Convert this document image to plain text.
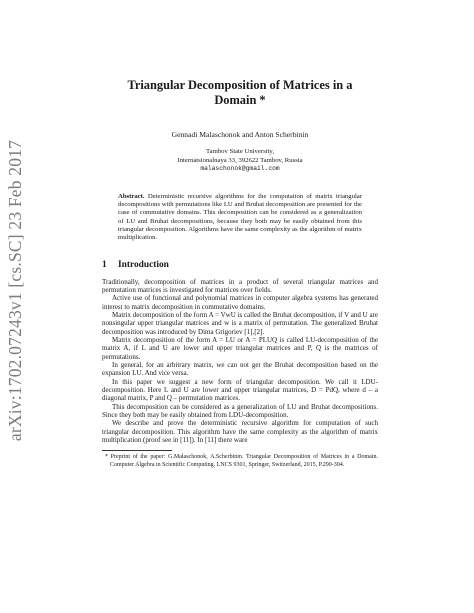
arXiv:1702.07243v1 [cs.SC] 23 Feb 2017
Triangular Decomposition of Matrices in a Domain *
Gennadi Malaschonok and Anton Scherbinin
Tambov State University,
Internatsionalnaya 33, 392622 Tambov, Russia
malaschonok@gmail.com
Abstract. Deterministic recursive algorithms for the computation of matrix triangular decompositions with permutations like LU and Bruhat decomposition are presented for the case of commutative domains. This decomposition can be considered as a generalization of LU and Bruhat decompositions, because they both may be easily obtained from this triangular decomposition. Algorithms have the same complexity as the algorithm of matrix multiplication.
1	Introduction

Traditionally, decomposition of matrices in a product of several triangular matrices and permutation matrices is investigated for matrices over fields.

Active use of functional and polynomial matrices in computer algebra systems has generated interest to matrix decomposition in commutative domains.

Matrix decomposition of the form A = VwU is called the Bruhat decomposition, if V and U are nonsingular upper triangular matrices and w is a matrix of permutation. The generalized Bruhat decomposition was introduced by Dima Grigoriev [1],[2].

Matrix decomposition of the form A = LU or A = PLUQ is called LU-decomposition of the matrix A, if L and U are lower and upper triangular matrices and P, Q is the matrices of permutations.

In general, for an arbitrary matrix, we can not get the Bruhat decomposition based on the expansion LU. And vice versa.

In this paper we suggest a new form of triangular decomposition. We call it LDU-decomposition. Here L and U are lower and upper triangular matrices, D = PdQ, where d – a diagonal matrix, P and Q – permutation matrices.

This decomposition can be considered as a generalization of LU and Bruhat decompositions. Since they both may be easily obtained from LDU-decomposition.

We describe and prove the deterministic recursive algorithm for computation of such triangular decomposition. This algorithm have the same complexity as the algorithm of matrix multiplication (proof see in [11]). In [11] there ware

* Preprint of the paper: G.Malaschonok, A.Scherbinin. Triangular Decomposition of Matrices in a Domain. Computer Algebra in Scientific Computing. LNCS 9301, Springer, Switzerland, 2015, P.290-304.
